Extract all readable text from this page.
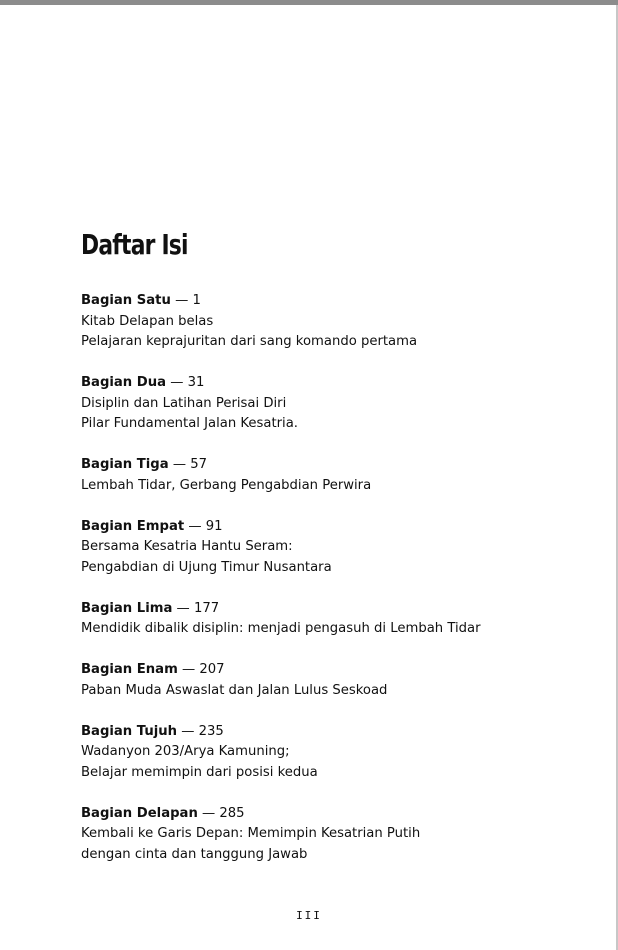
Daftar Isi
Bagian Satu — 1
Kitab Delapan belas
Pelajaran keprajuritan dari sang komando pertama
Bagian Dua — 31
Disiplin dan Latihan Perisai Diri
Pilar Fundamental Jalan Kesatria.
Bagian Tiga — 57
Lembah Tidar, Gerbang Pengabdian Perwira
Bagian Empat — 91
Bersama Kesatria Hantu Seram:
Pengabdian di Ujung Timur Nusantara
Bagian Lima — 177
Mendidik dibalik disiplin: menjadi pengasuh di Lembah Tidar
Bagian Enam — 207
Paban Muda Aswaslat dan Jalan Lulus Seskoad
Bagian Tujuh — 235
Wadanyon 203/Arya Kamuning;
Belajar memimpin dari posisi kedua
Bagian Delapan — 285
Kembali ke Garis Depan: Memimpin Kesatrian Putih
dengan cinta dan tanggung Jawab
III
